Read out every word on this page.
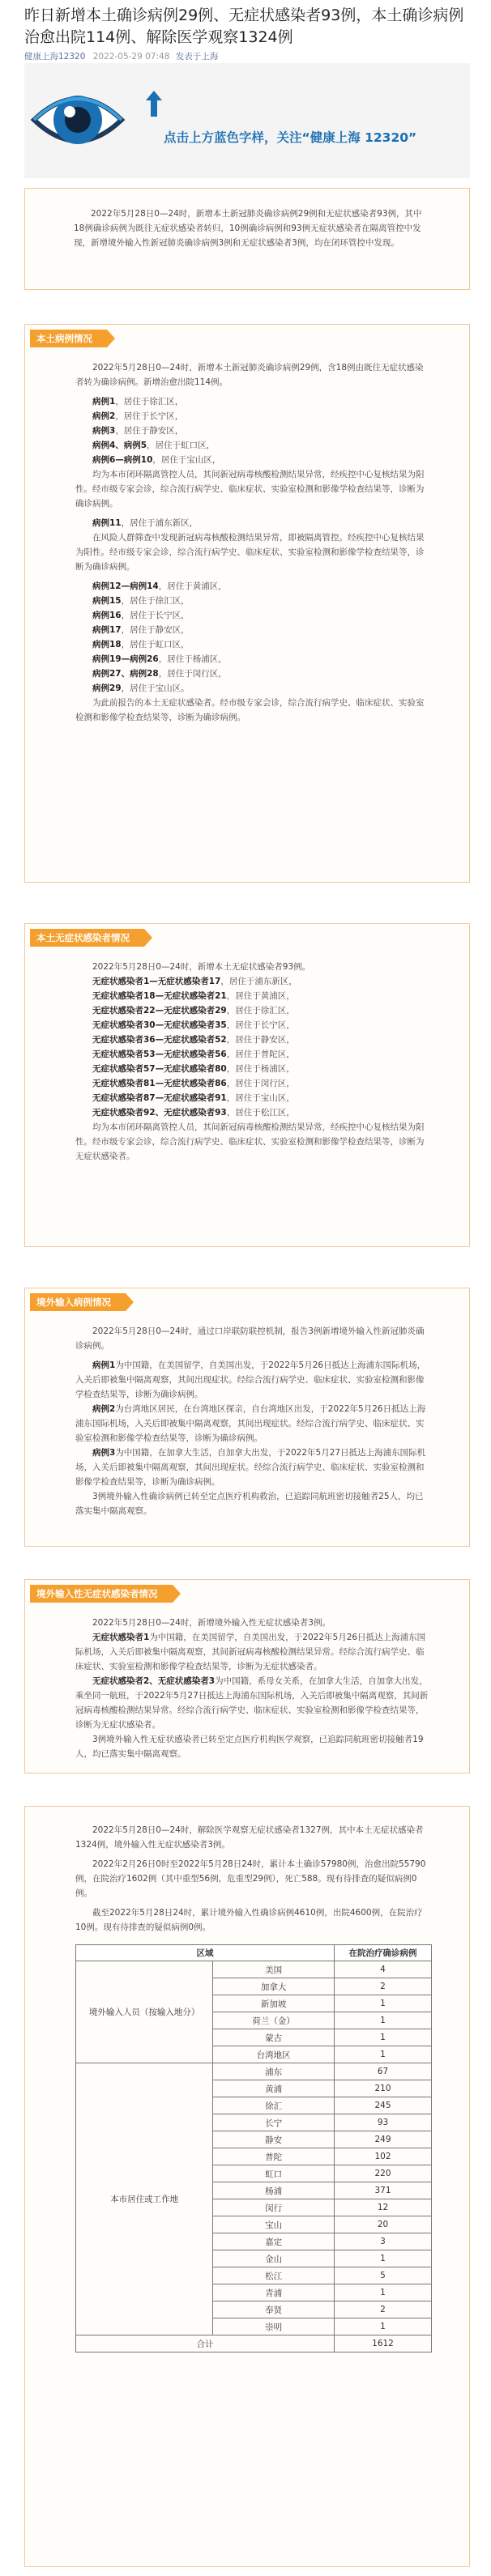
昨日新增本土确诊病例29例、无症状感染者93例，本土确诊病例治愈出院114例、解除医学观察1324例
健康上海12320 2022-05-29 07:48 发表于上海
点击上方蓝色字样，关注“健康上海 12320”

2022年5月28日0—24时，新增本土新冠肺炎确诊病例29例和无症状感染者93例，其中18例确诊病例为既往无症状感染者转归，10例确诊病例和93例无症状感染者在隔离管控中发现，新增境外输入性新冠肺炎确诊病例3例和无症状感染者3例，均在闭环管控中发现。

本土病例情况

2022年5月28日0—24时，新增本土新冠肺炎确诊病例29例，含18例由既往无症状感染者转为确诊病例。新增治愈出院114例。

病例1，居住于徐汇区，

病例2，居住于长宁区，

病例3，居住于静安区，

病例4、病例5，居住于虹口区，

病例6—病例10，居住于宝山区，

均为本市闭环隔离管控人员，其间新冠病毒核酸检测结果异常，经疾控中心复核结果为阳性。经市级专家会诊，综合流行病学史、临床症状、实验室检测和影像学检查结果等，诊断为确诊病例。

病例11，居住于浦东新区，

在风险人群筛查中发现新冠病毒核酸检测结果异常，即被隔离管控。经疾控中心复核结果为阳性。经市级专家会诊，综合流行病学史、临床症状、实验室检测和影像学检查结果等，诊断为确诊病例。

病例12—病例14，居住于黄浦区，

病例15，居住于徐汇区，

病例16，居住于长宁区，

病例17，居住于静安区，

病例18，居住于虹口区，

病例19—病例26，居住于杨浦区，

病例27、病例28，居住于闵行区，

病例29，居住于宝山区。

为此前报告的本土无症状感染者。经市级专家会诊，综合流行病学史、临床症状、实验室检测和影像学检查结果等，诊断为确诊病例。

本土无症状感染者情况

2022年5月28日0—24时，新增本土无症状感染者93例。

无症状感染者1—无症状感染者17，居住于浦东新区，

无症状感染者18—无症状感染者21，居住于黄浦区，

无症状感染者22—无症状感染者29，居住于徐汇区，

无症状感染者30—无症状感染者35，居住于长宁区，

无症状感染者36—无症状感染者52，居住于静安区，

无症状感染者53—无症状感染者56，居住于普陀区，

无症状感染者57—无症状感染者80，居住于杨浦区，

无症状感染者81—无症状感染者86，居住于闵行区，

无症状感染者87—无症状感染者91，居住于宝山区，

无症状感染者92、无症状感染者93，居住于松江区，

均为本市闭环隔离管控人员，其间新冠病毒核酸检测结果异常，经疾控中心复核结果为阳性。经市级专家会诊，综合流行病学史、临床症状、实验室检测和影像学检查结果等，诊断为无症状感染者。

境外输入病例情况

2022年5月28日0—24时，通过口岸联防联控机制，报告3例新增境外输入性新冠肺炎确诊病例。

病例1为中国籍，在美国留学，自美国出发，于2022年5月26日抵达上海浦东国际机场，入关后即被集中隔离观察，其间出现症状。经综合流行病学史、临床症状、实验室检测和影像学检查结果等，诊断为确诊病例。

病例2为台湾地区居民，在台湾地区探亲，自台湾地区出发，于2022年5月26日抵达上海浦东国际机场，入关后即被集中隔离观察，其间出现症状。经综合流行病学史、临床症状、实验室检测和影像学检查结果等，诊断为确诊病例。

病例3为中国籍，在加拿大生活，自加拿大出发，于2022年5月27日抵达上海浦东国际机场，入关后即被集中隔离观察，其间出现症状。经综合流行病学史、临床症状、实验室检测和影像学检查结果等，诊断为确诊病例。

3例境外输入性确诊病例已转至定点医疗机构救治，已追踪同航班密切接触者25人，均已落实集中隔离观察。

境外输入性无症状感染者情况

2022年5月28日0—24时，新增境外输入性无症状感染者3例。

无症状感染者1为中国籍，在美国留学，自美国出发，于2022年5月26日抵达上海浦东国际机场，入关后即被集中隔离观察，其间新冠病毒核酸检测结果异常。经综合流行病学史、临床症状、实验室检测和影像学检查结果等，诊断为无症状感染者。

无症状感染者2、无症状感染者3为中国籍，系母女关系，在加拿大生活，自加拿大出发，乘坐同一航班，于2022年5月27日抵达上海浦东国际机场，入关后即被集中隔离观察，其间新冠病毒核酸检测结果异常。经综合流行病学史、临床症状、实验室检测和影像学检查结果等，诊断为无症状感染者。

3例境外输入性无症状感染者已转至定点医疗机构医学观察，已追踪同航班密切接触者19人，均已落实集中隔离观察。

2022年5月28日0—24时，解除医学观察无症状感染者1327例，其中本土无症状感染者1324例，境外输入性无症状感染者3例。

2022年2月26日0时至2022年5月28日24时，累计本土确诊57980例，治愈出院55790例，在院治疗1602例（其中重型56例，危重型29例），死亡588。现有待排查的疑似病例0例。

截至2022年5月28日24时，累计境外输入性确诊病例4610例，出院4600例，在院治疗10例。现有待排查的疑似病例0例。

区域		在院治疗确诊病例
境外输入人员（按输入地分）	美国	4
	加拿大	2
	新加坡	1
	荷兰（金）	1
	蒙古	1
	台湾地区	1
本市居住或工作地	浦东	67
	黄浦	210
	徐汇	245
	长宁	93
	静安	249
	普陀	102
	虹口	220
	杨浦	371
	闵行	12
	宝山	20
	嘉定	3
	金山	1
	松江	5
	青浦	1
	奉贤	2
	崇明	1
合计		1612
